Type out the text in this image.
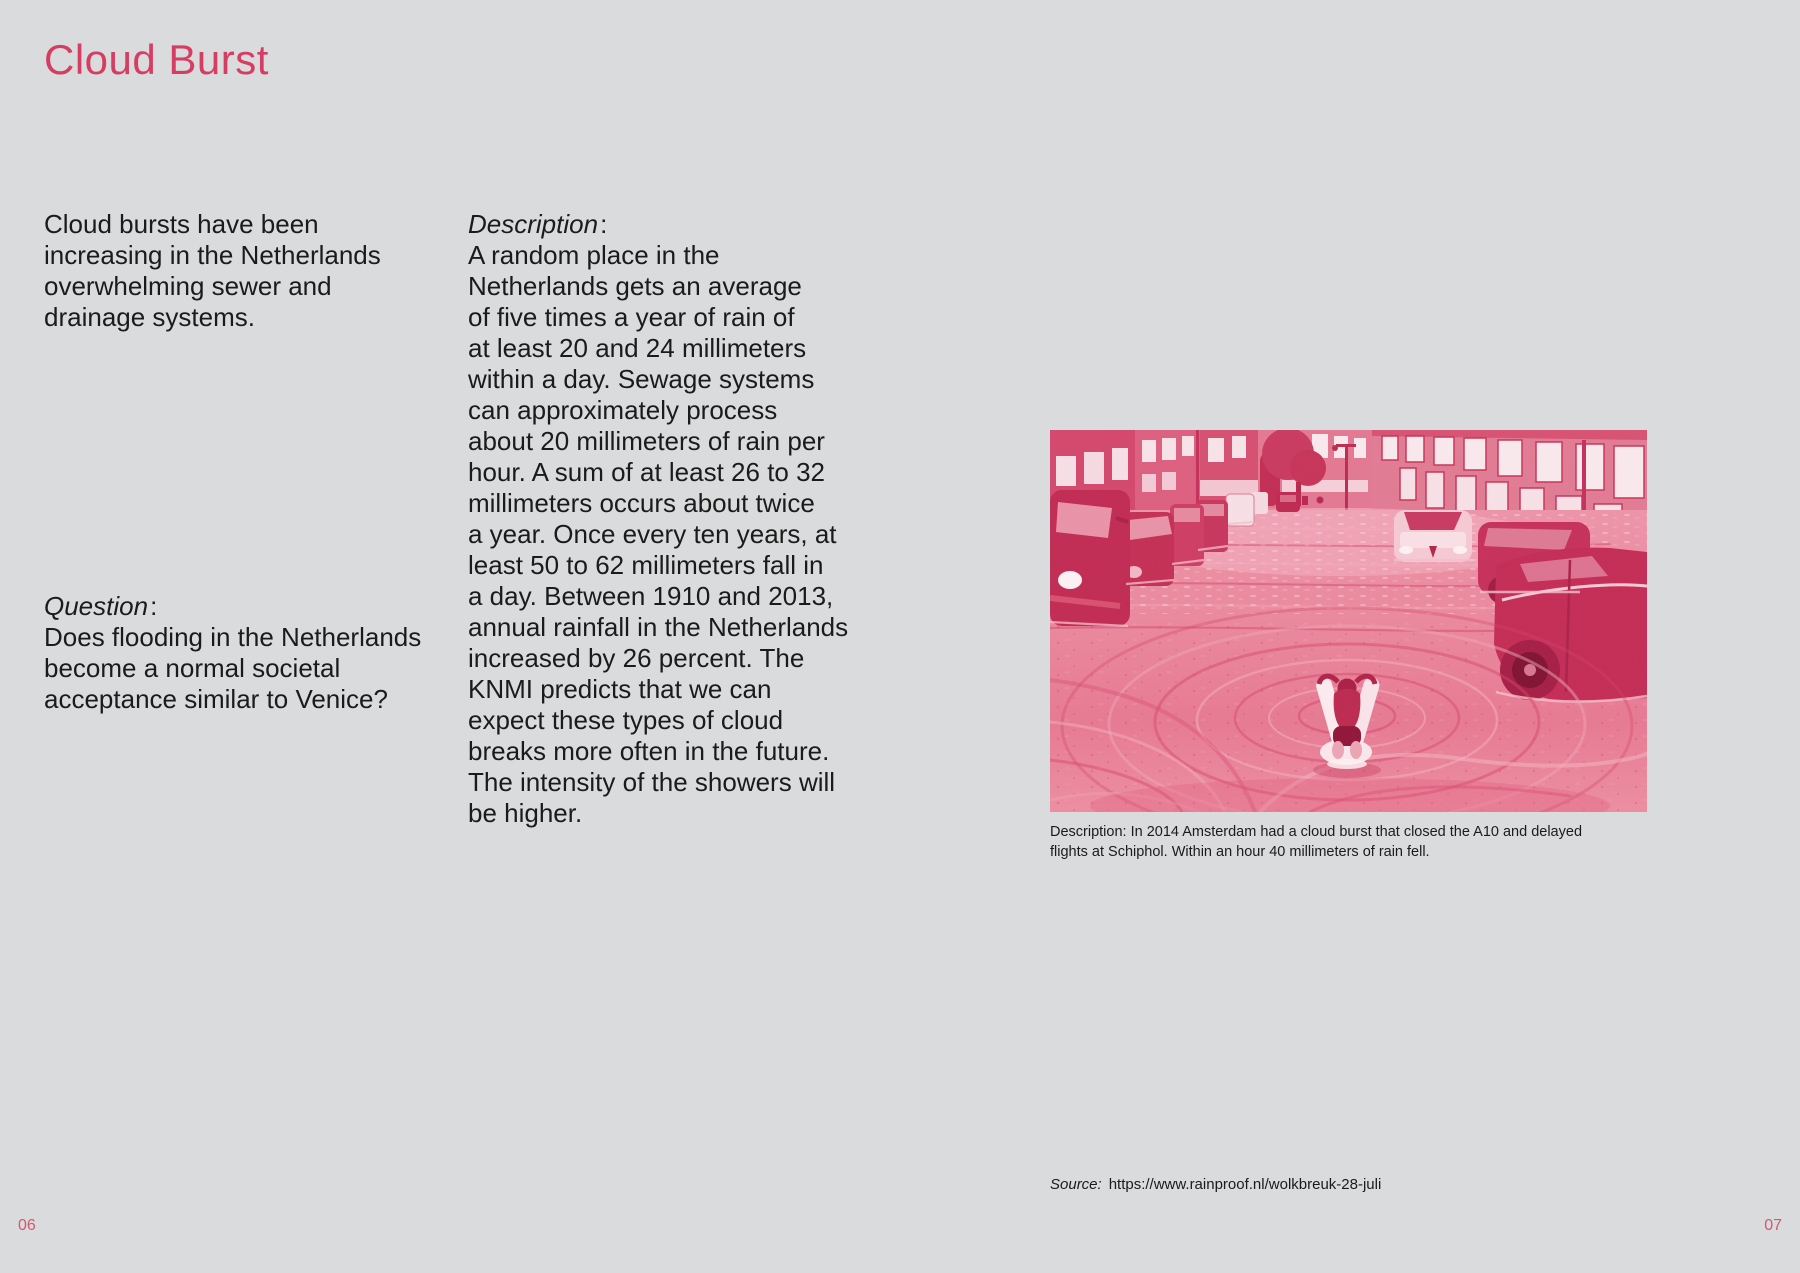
Cloud Burst
Cloud bursts have been
increasing in the Netherlands
overwhelming sewer and
drainage systems.
Question:
Does flooding in the Netherlands
become a normal societal
acceptance similar to Venice?
Description:
A random place in the
Netherlands gets an average
of five times a year of rain of
at least 20 and 24 millimeters
within a day. Sewage systems
can approximately process
about 20 millimeters of rain per
hour. A sum of at least 26 to 32
millimeters occurs about twice
a year. Once every ten years, at
least 50 to 62 millimeters fall in
a day. Between 1910 and 2013,
annual rainfall in the Netherlands
increased by 26 percent. The
KNMI predicts that we can
expect these types of cloud
breaks more often in the future.
The intensity of the showers will
be higher.
Description: In 2014 Amsterdam had a cloud burst that closed the A10 and delayed
flights at Schiphol. Within an hour 40 millimeters of rain fell.
Source: https://www.rainproof.nl/wolkbreuk-28-juli
06	07
